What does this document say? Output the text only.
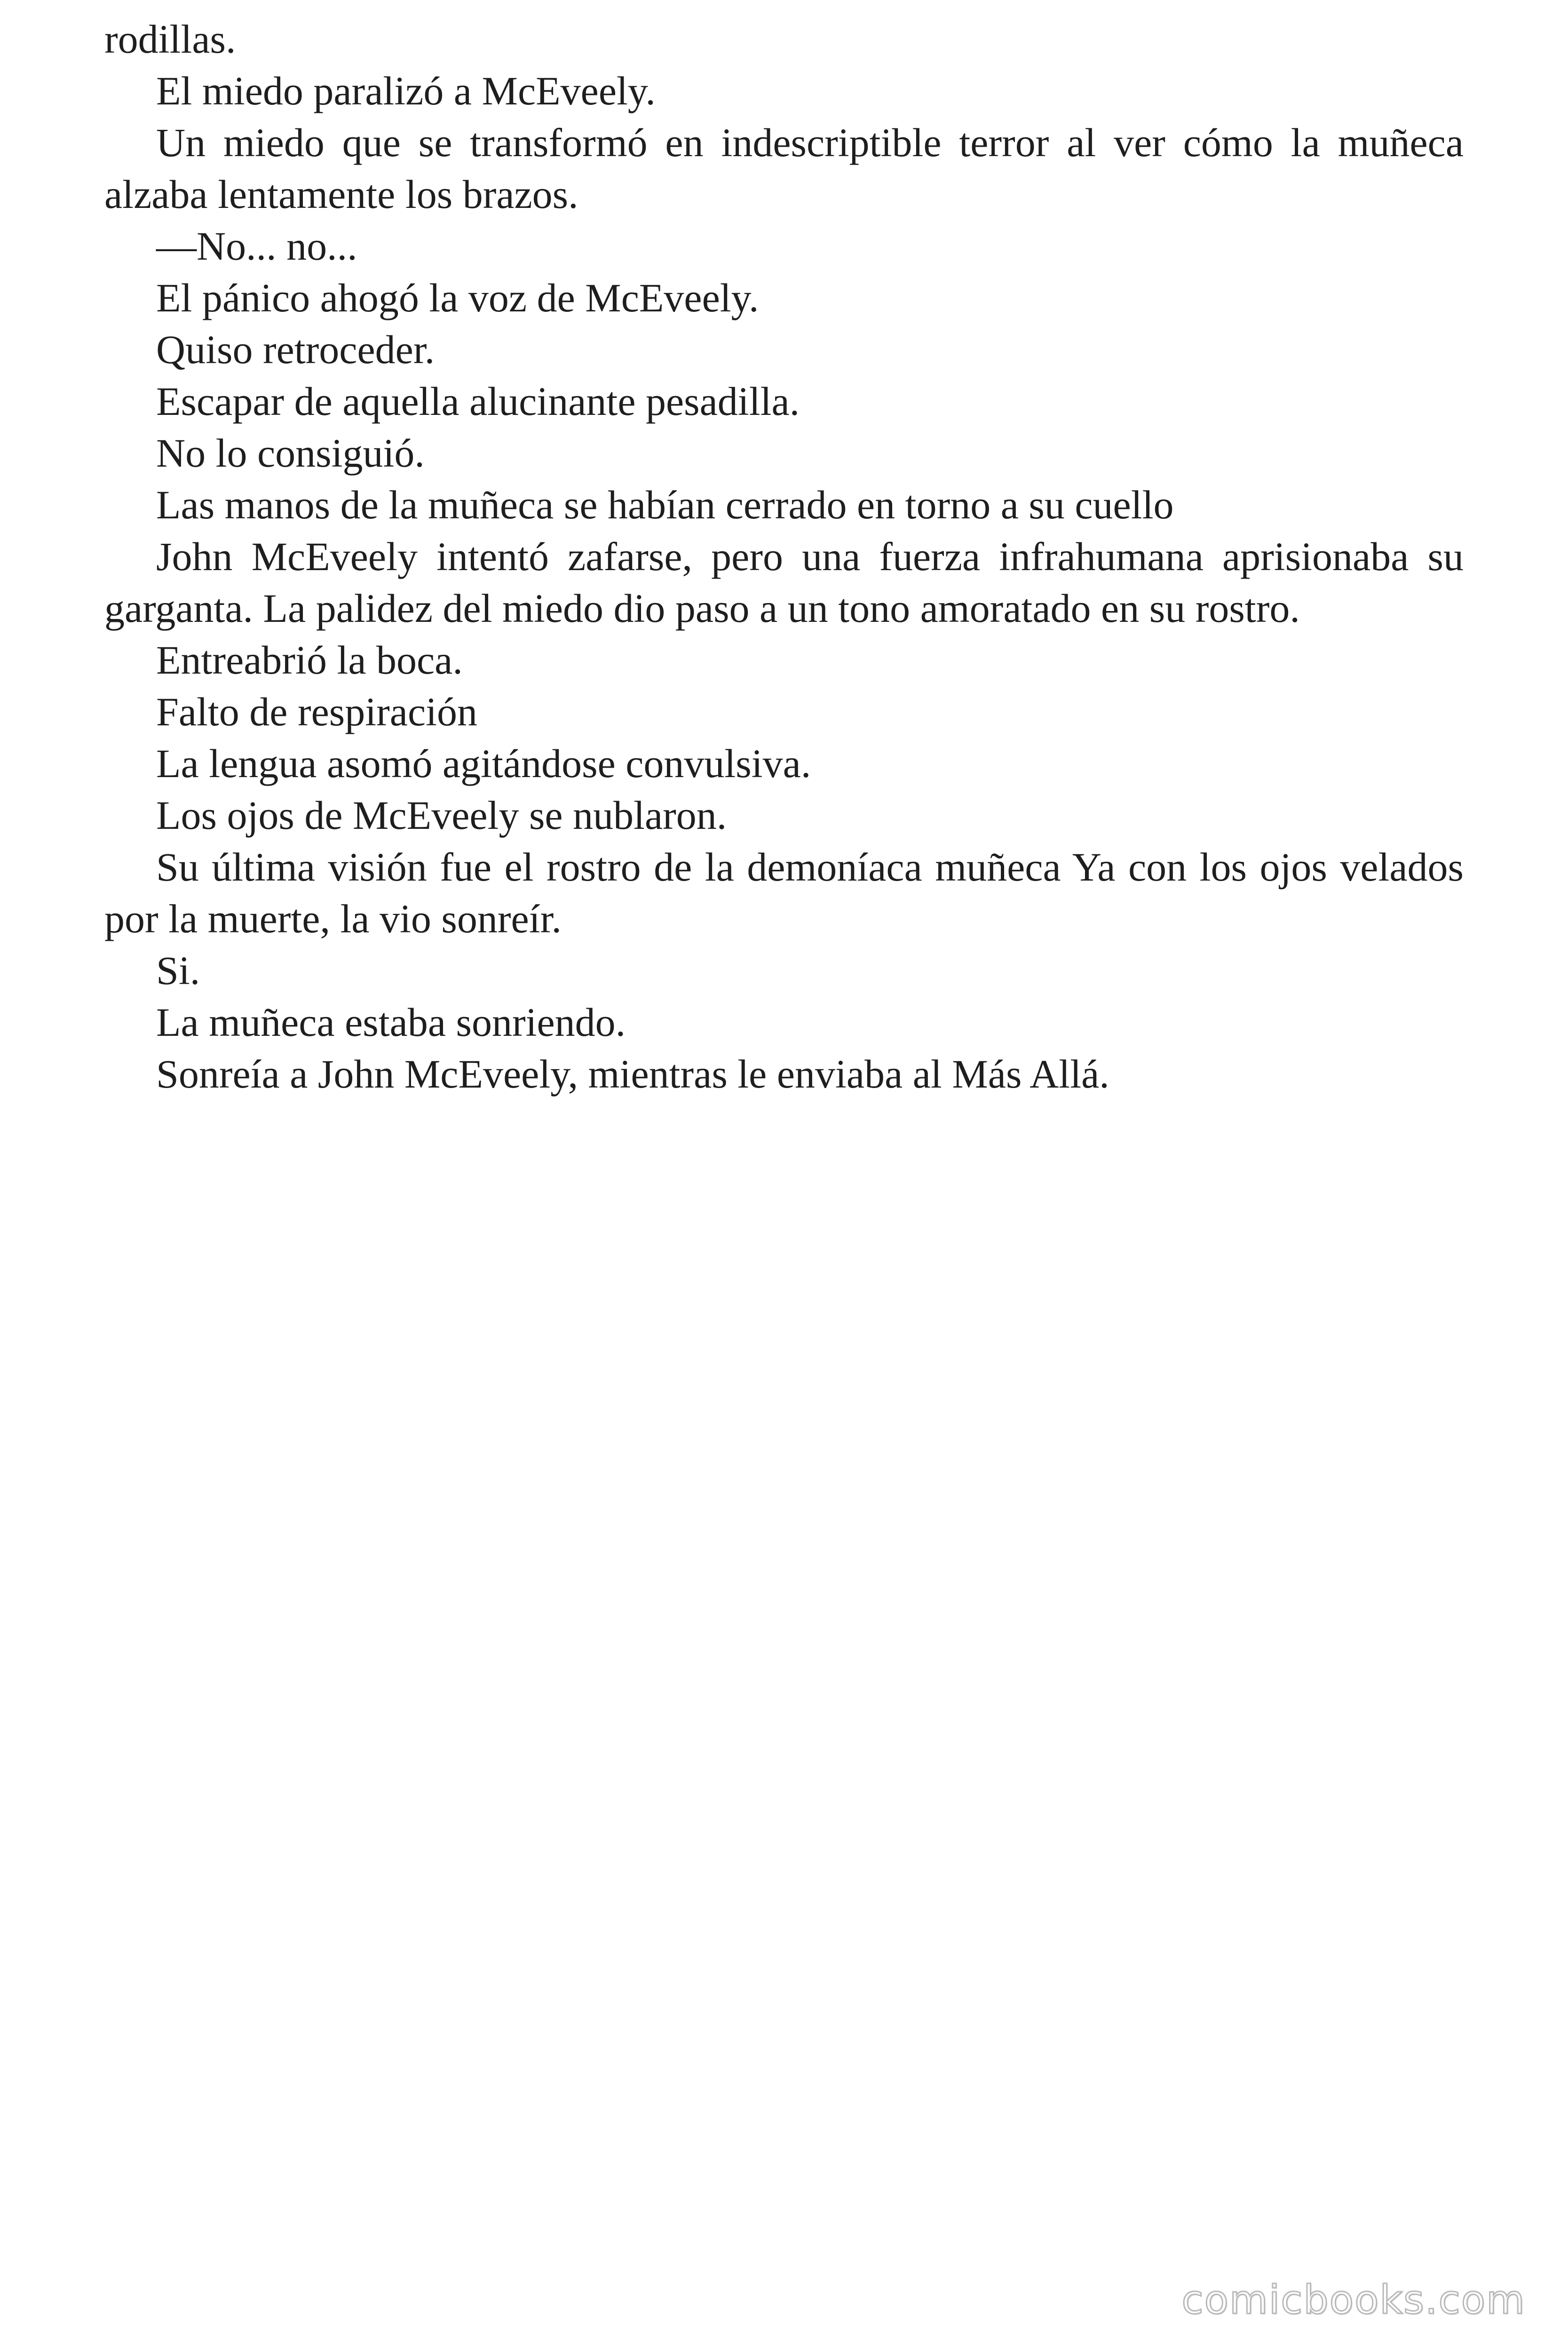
rodillas.

El miedo paralizó a McEveely.

Un miedo que se transformó en indescriptible terror al ver cómo la muñeca alzaba lentamente los brazos.

—No... no...

El pánico ahogó la voz de McEveely.

Quiso retroceder.

Escapar de aquella alucinante pesadilla.

No lo consiguió.

Las manos de la muñeca se habían cerrado en torno a su cuello

John McEveely intentó zafarse, pero una fuerza infrahumana aprisionaba su garganta. La palidez del miedo dio paso a un tono amoratado en su rostro.

Entreabrió la boca.

Falto de respiración

La lengua asomó agitándose convulsiva.

Los ojos de McEveely se nublaron.

Su última visión fue el rostro de la demoníaca muñeca Ya con los ojos velados por la muerte, la vio sonreír.

Si.

La muñeca estaba sonriendo.

Sonreía a John McEveely, mientras le enviaba al Más Allá.

comicbooks.com
